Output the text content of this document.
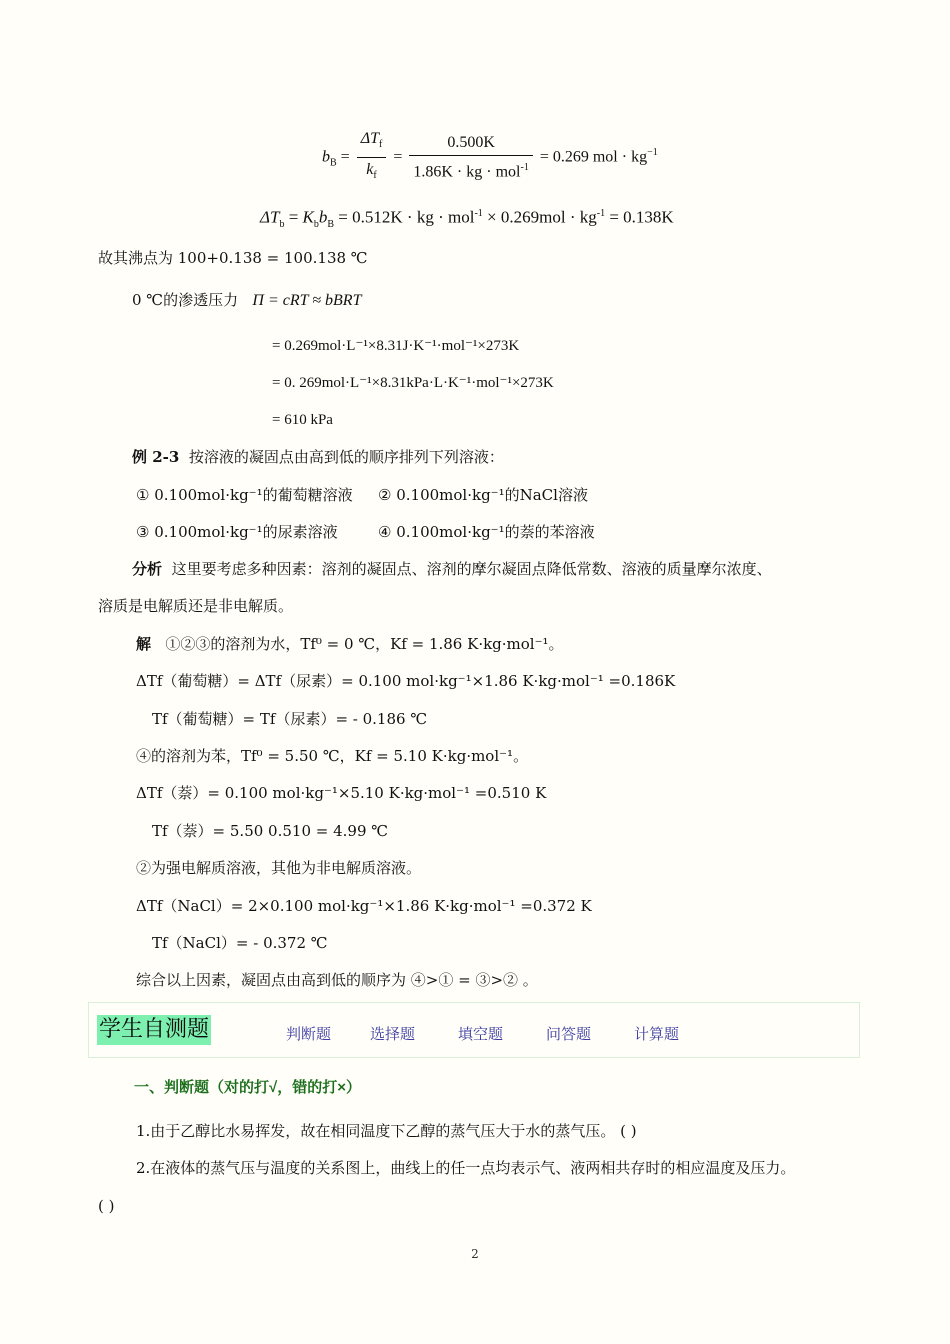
$b_B = \frac{\Delta T_f}{k_f} = \frac{0.500K}{1.86K \cdot kg \cdot mol^{-1}} = 0.269$ mol · $kg^{-1}$
$\Delta T_b = K_bb_B = 0.512K$ · kg · $mol^{-1} \times 0.269mol \cdot kg^{-1} = 0.138K$
故其沸点为 100+0.138 = 100.138 ℃
0 ℃的渗透压力 Π = cRT ≈ bBRT
= 0.269mol·L⁻¹×8.31J·K⁻¹·mol⁻¹×273K
= 0. 269mol·L⁻¹×8.31kPa·L·K⁻¹·mol⁻¹×273K
= 610 kPa
例 2-3 按溶液的凝固点由高到低的顺序排列下列溶液：
① 0.100mol·kg⁻¹的葡萄糖溶液 ② 0.100mol·kg⁻¹的NaCl溶液
③ 0.100mol·kg⁻¹的尿素溶液	④ 0.100mol·kg⁻¹的萘的苯溶液
分析 这里要考虑多种因素：溶剂的凝固点、溶剂的摩尔凝固点降低常数、溶液的质量摩尔浓度、
溶质是电解质还是非电解质。
解 ①②③的溶剂为水，Tf⁰ = 0 ℃，Kf = 1.86 K·kg·mol⁻¹。
ΔTf（葡萄糖）= ΔTf（尿素）= 0.100 mol·kg⁻¹×1.86 K·kg·mol⁻¹ =0.186K
Tf（葡萄糖）= Tf（尿素）= - 0.186 ℃
④的溶剂为苯，Tf⁰ = 5.50 ℃，Kf = 5.10 K·kg·mol⁻¹。
ΔTf（萘）= 0.100 mol·kg⁻¹×5.10 K·kg·mol⁻¹ =0.510 K
Tf（萘）= 5.50 0.510 = 4.99 ℃
②为强电解质溶液，其他为非电解质溶液。
ΔTf（NaCl）= 2×0.100 mol·kg⁻¹×1.86 K·kg·mol⁻¹ =0.372 K
Tf（NaCl）= - 0.372 ℃
综合以上因素，凝固点由高到低的顺序为 ④>① = ③>② 。
学生自测题	判断题	选择题	填空题	问答题	计算题
一、判断题（对的打√，错的打×）
1.由于乙醇比水易挥发，故在相同温度下乙醇的蒸气压大于水的蒸气压。 ( )
2.在液体的蒸气压与温度的关系图上，曲线上的任一点均表示气、液两相共存时的相应温度及压力。
( )
2
